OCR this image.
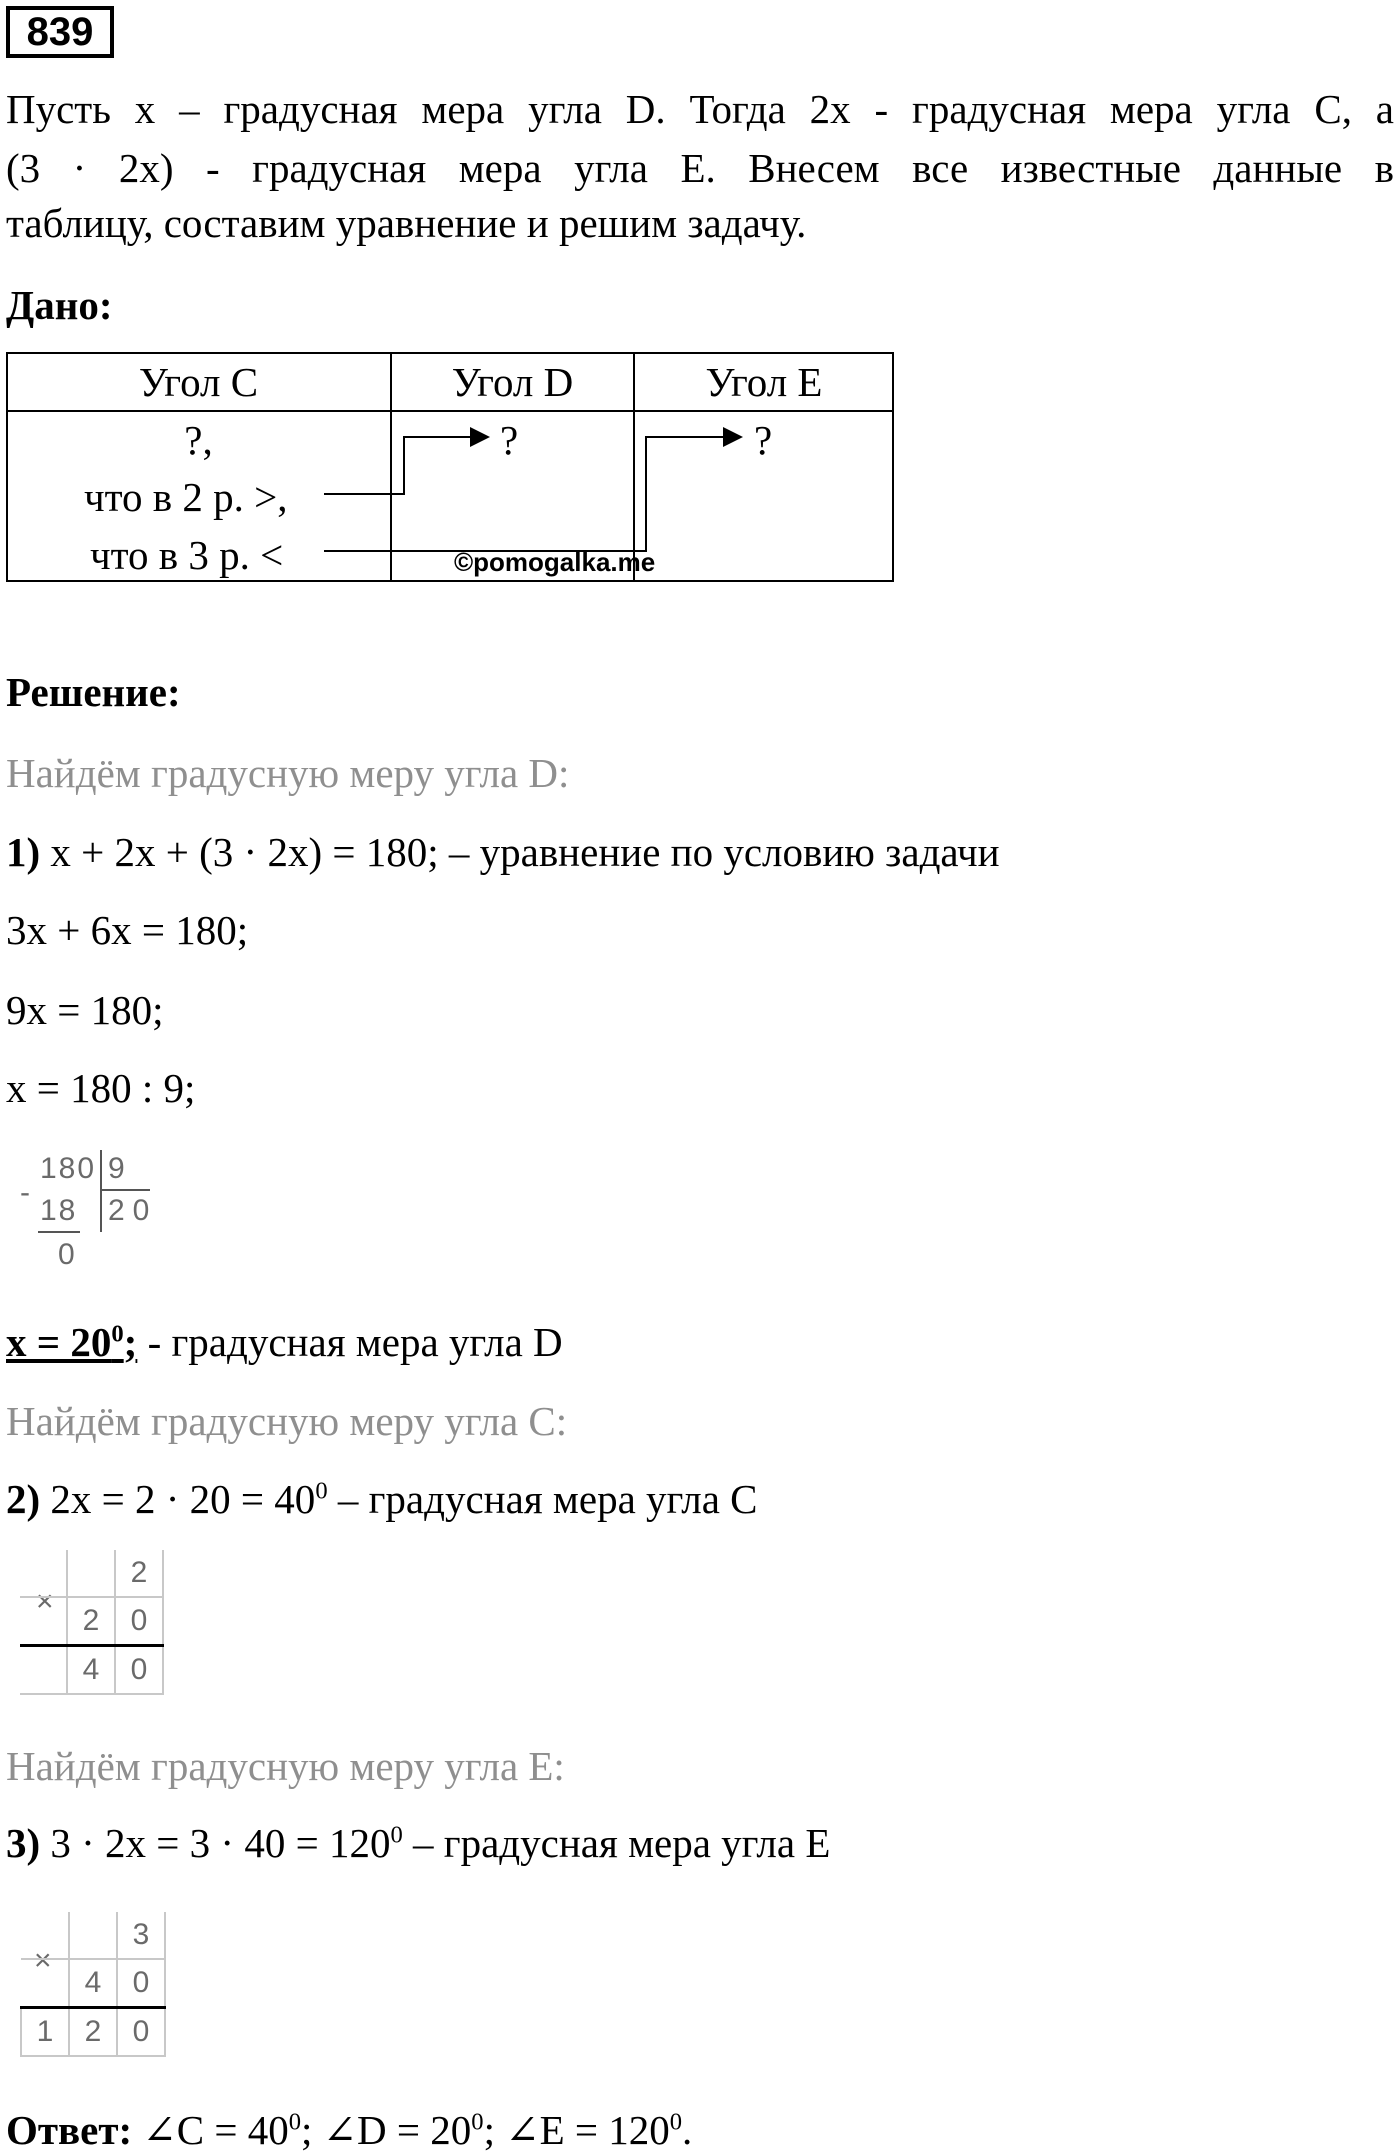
839
Пусть x – градусная мера угла D. Тогда 2x - градусная мера угла C, а
(3 · 2x) - градусная мера угла E. Внесем все известные данные в
таблицу, составим уравнение и решим задачу.
Дано:
Угол C	Угол D	Угол E
?,
что в 2 р. >,
что в 3 р. <
?	?
©pomogalka.me
Решение:
Найдём градусную меру угла D:
1) x + 2x + (3 · 2x) = 180; – уравнение по условию задачи
3x + 6x = 180;
9x = 180;
x = 180 : 9;
180 9
-
18 20
0
$x = 20^0$; - градусная мера угла D
Найдём градусную меру угла C:
2) $2x = 2 \cdot 20 = 40^0$ – градусная мера угла C
×
		2
	2	0
	4	0
Найдём градусную меру угла E:
3) $3 \cdot 2x = 3 \cdot 40 = 120^0$ – градусная мера угла E
×
		3
	4	0
1	2	0
Ответ: ∠C = $40^0$; ∠D = $20^0$; ∠E = $120^0$.
